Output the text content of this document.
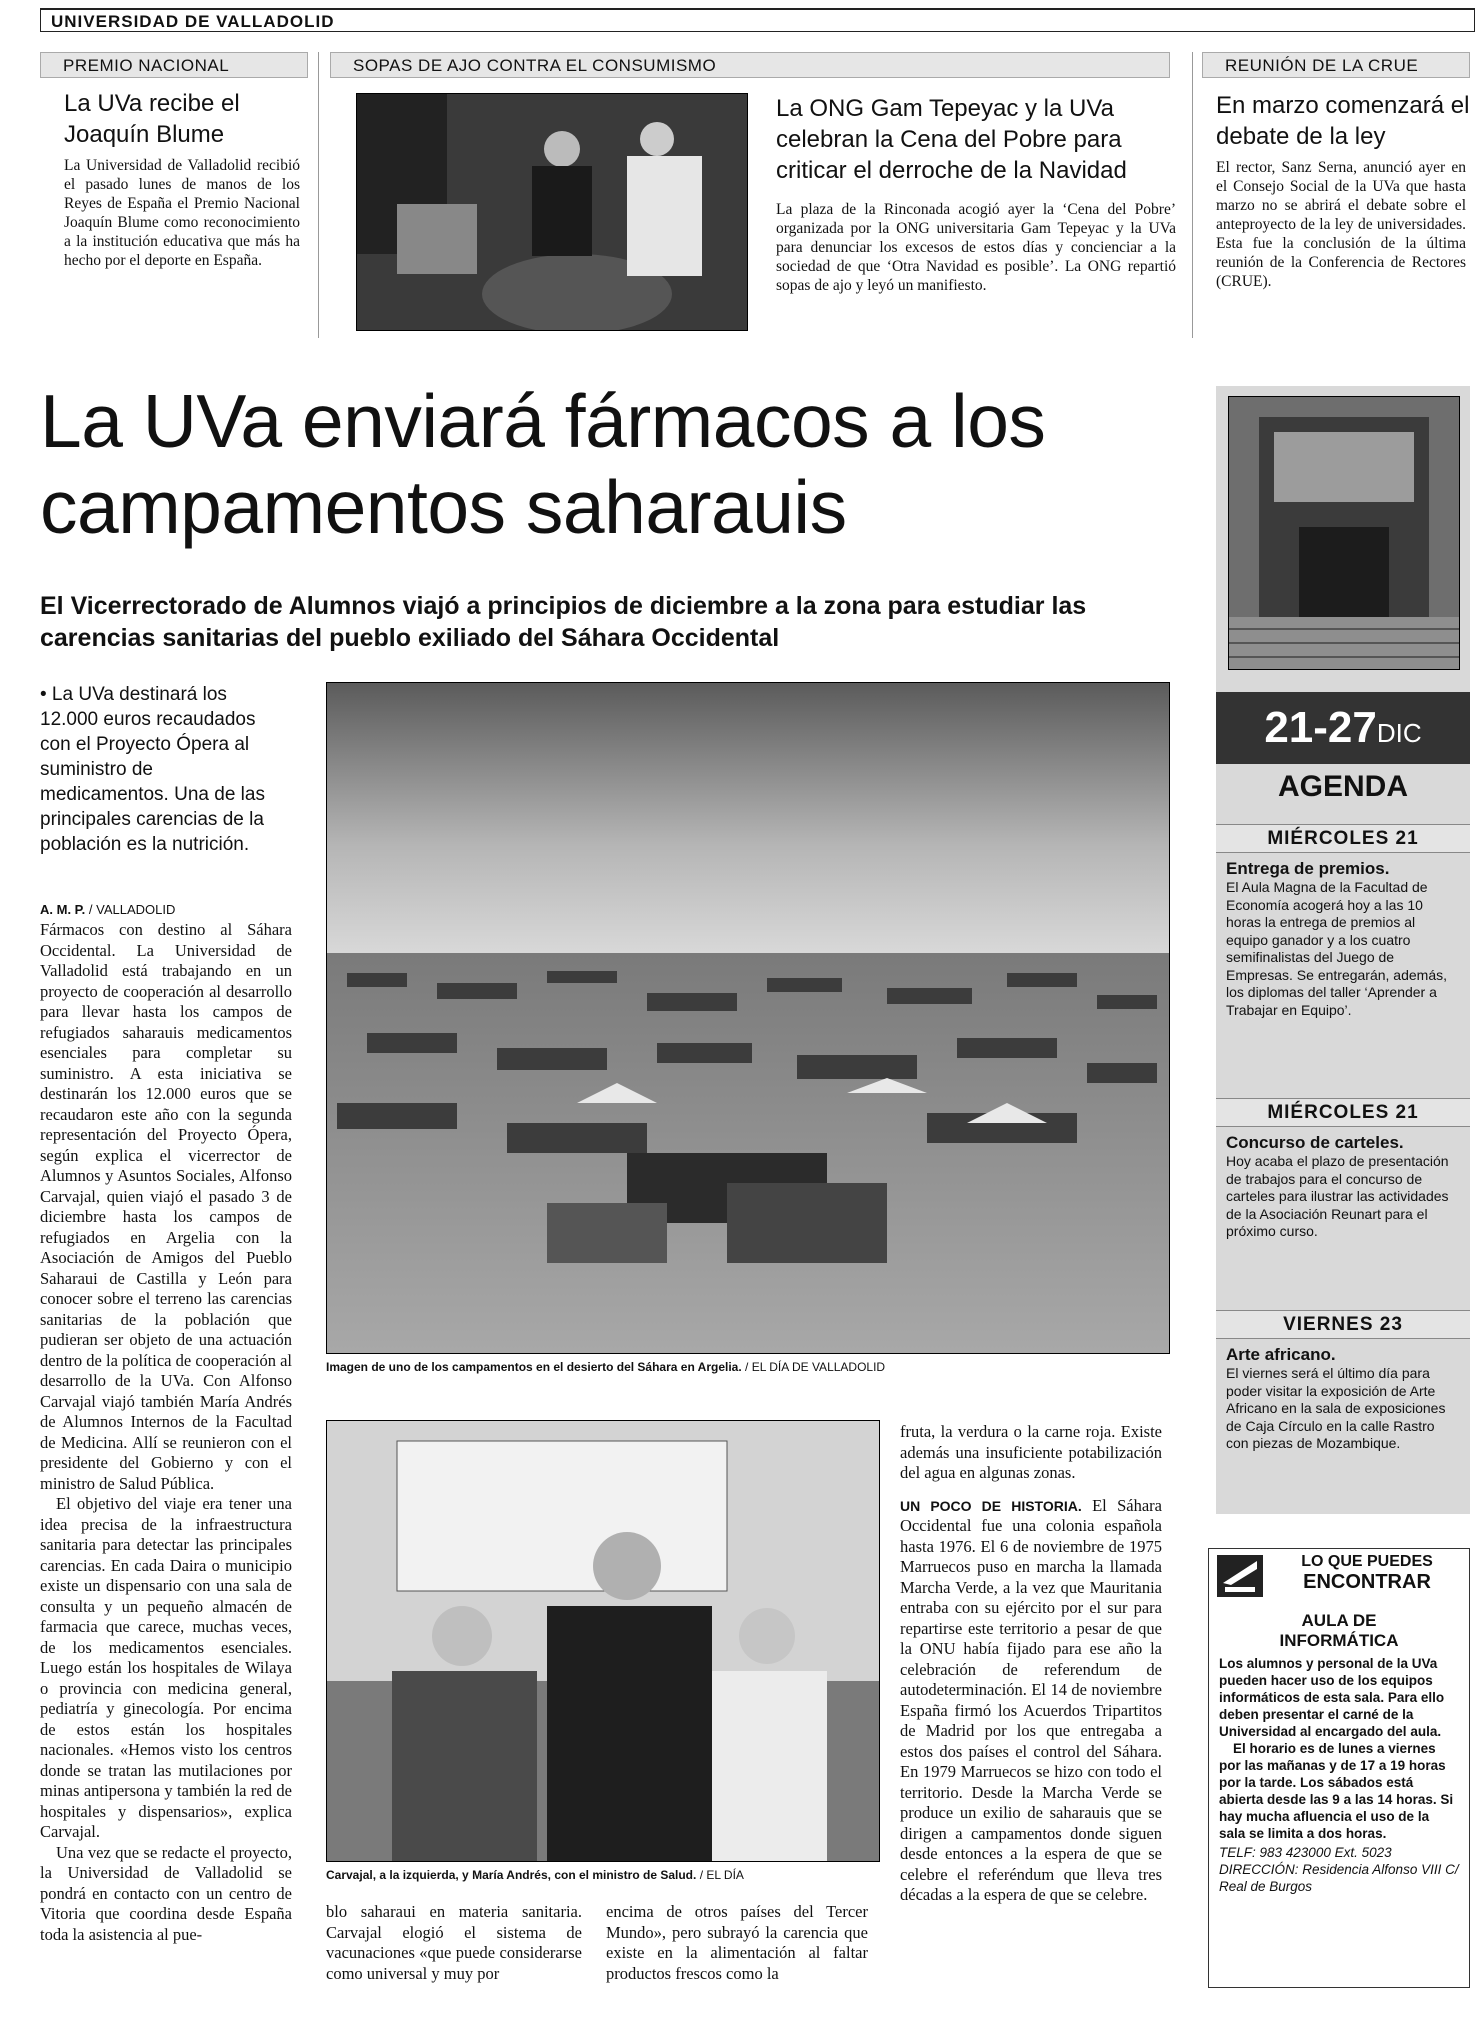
UNIVERSIDAD DE VALLADOLID
PREMIO NACIONAL
La UVa recibe el Joaquín Blume
La Universidad de Valladolid recibió el pasado lunes de manos de los Reyes de España el Premio Nacional Joaquín Blume como reconocimiento a la institución educativa que más ha hecho por el deporte en España.
SOPAS DE AJO CONTRA EL CONSUMISMO
La ONG Gam Tepeyac y la UVa celebran la Cena del Pobre para criticar el derroche de la Navidad
La plaza de la Rinconada acogió ayer la ‘Cena del Pobre’ organizada por la ONG universitaria Gam Tepeyac y la UVa para denunciar los excesos de estos días y concienciar a la sociedad de que ‘Otra Navidad es posible’. La ONG repartió sopas de ajo y leyó un manifiesto.
REUNIÓN DE LA CRUE
En marzo comenzará el debate de la ley
El rector, Sanz Serna, anunció ayer en el Consejo Social de la UVa que hasta marzo no se abrirá el debate sobre el anteproyecto de la ley de universidades. Esta fue la conclusión de la última reunión de la Conferencia de Rectores (CRUE).
La UVa enviará fármacos a los campamentos saharauis
El Vicerrectorado de Alumnos viajó a principios de diciembre a la zona para estudiar las carencias sanitarias del pueblo exiliado del Sáhara Occidental
• La UVa destinará los 12.000 euros recaudados con el Proyecto Ópera al suministro de medicamentos. Una de las principales carencias de la población es la nutrición.
A. M. P. / VALLADOLID
Fármacos con destino al Sáhara Occidental. La Universidad de Valladolid está trabajando en un proyecto de cooperación al desarrollo para llevar hasta los campos de refugiados saharauis medicamentos esenciales para completar su suministro. A esta iniciativa se destinarán los 12.000 euros que se recaudaron este año con la segunda representación del Proyecto Ópera, según explica el vicerrector de Alumnos y Asuntos Sociales, Alfonso Carvajal, quien viajó el pasado 3 de diciembre hasta los campos de refugiados en Argelia con la Asociación de Amigos del Pueblo Saharaui de Castilla y León para conocer sobre el terreno las carencias sanitarias de la población que pudieran ser objeto de una actuación dentro de la política de cooperación al desarrollo de la UVa. Con Alfonso Carvajal viajó también María Andrés de Alumnos Internos de la Facultad de Medicina. Allí se reunieron con el presidente del Gobierno y con el ministro de Salud Pública.
El objetivo del viaje era tener una idea precisa de la infraestructura sanitaria para detectar las principales carencias. En cada Daira o municipio existe un dispensario con una sala de consulta y un pequeño almacén de farmacia que carece, muchas veces, de los medicamentos esenciales. Luego están los hospitales de Wilaya o provincia con medicina general, pediatría y ginecología. Por encima de estos están los hospitales nacionales. «Hemos visto los centros donde se tratan las mutilaciones por minas antipersona y también la red de hospitales y dispensarios», explica Carvajal.
Una vez que se redacte el proyecto, la Universidad de Valladolid se pondrá en contacto con un centro de Vitoria que coordina desde España toda la asistencia al pue-
Imagen de uno de los campamentos en el desierto del Sáhara en Argelia. / EL DÍA DE VALLADOLID
Carvajal, a la izquierda, y María Andrés, con el ministro de Salud. / EL DÍA
blo saharaui en materia sanitaria. Carvajal elogió el sistema de vacunaciones «que puede considerarse como universal y muy por
encima de otros países del Tercer Mundo», pero subrayó la carencia que existe en la alimentación al faltar productos frescos como la
fruta, la verdura o la carne roja. Existe además una insuficiente potabilización del agua en algunas zonas.
UN POCO DE HISTORIA. El Sáhara Occidental fue una colonia española hasta 1976. El 6 de noviembre de 1975 Marruecos puso en marcha la llamada Marcha Verde, a la vez que Mauritania entraba con su ejército por el sur para repartirse este territorio a pesar de que la ONU había fijado para ese año la celebración de referendum de autodeterminación. El 14 de noviembre España firmó los Acuerdos Tripartitos de Madrid por los que entregaba a estos dos países el control del Sáhara. En 1979 Marruecos se hizo con todo el territorio. Desde la Marcha Verde se produce un exilio de saharauis que se dirigen a campamentos donde siguen desde entonces a la espera de que se celebre el referéndum que lleva tres décadas a la espera de que se celebre.
21-27DIC
AGENDA
MIÉRCOLES 21
Entrega de premios.
El Aula Magna de la Facultad de Economía acogerá hoy a las 10 horas la entrega de premios al equipo ganador y a los cuatro semifinalistas del Juego de Empresas. Se entregarán, además, los diplomas del taller ‘Aprender a Trabajar en Equipo’.
MIÉRCOLES 21
Concurso de carteles.
Hoy acaba el plazo de presentación de trabajos para el concurso de carteles para ilustrar las actividades de la Asociación Reunart para el próximo curso.
VIERNES 23
Arte africano.
El viernes será el último día para poder visitar la exposición de Arte Africano en la sala de exposiciones de Caja Círculo en la calle Rastro con piezas de Mozambique.
LO QUE PUEDES
ENCONTRAR
AULA DE
INFORMÁTICA
Los alumnos y personal de la UVa pueden hacer uso de los equipos informáticos de esta sala. Para ello deben presentar el carné de la Universidad al encargado del aula.
El horario es de lunes a viernes por las mañanas y de 17 a 19 horas por la tarde. Los sábados está abierta desde las 9 a las 14 horas. Si hay mucha afluencia el uso de la sala se limita a dos horas.
TELF: 983 423000 Ext. 5023 DIRECCIÓN: Residencia Alfonso VIII C/ Real de Burgos
